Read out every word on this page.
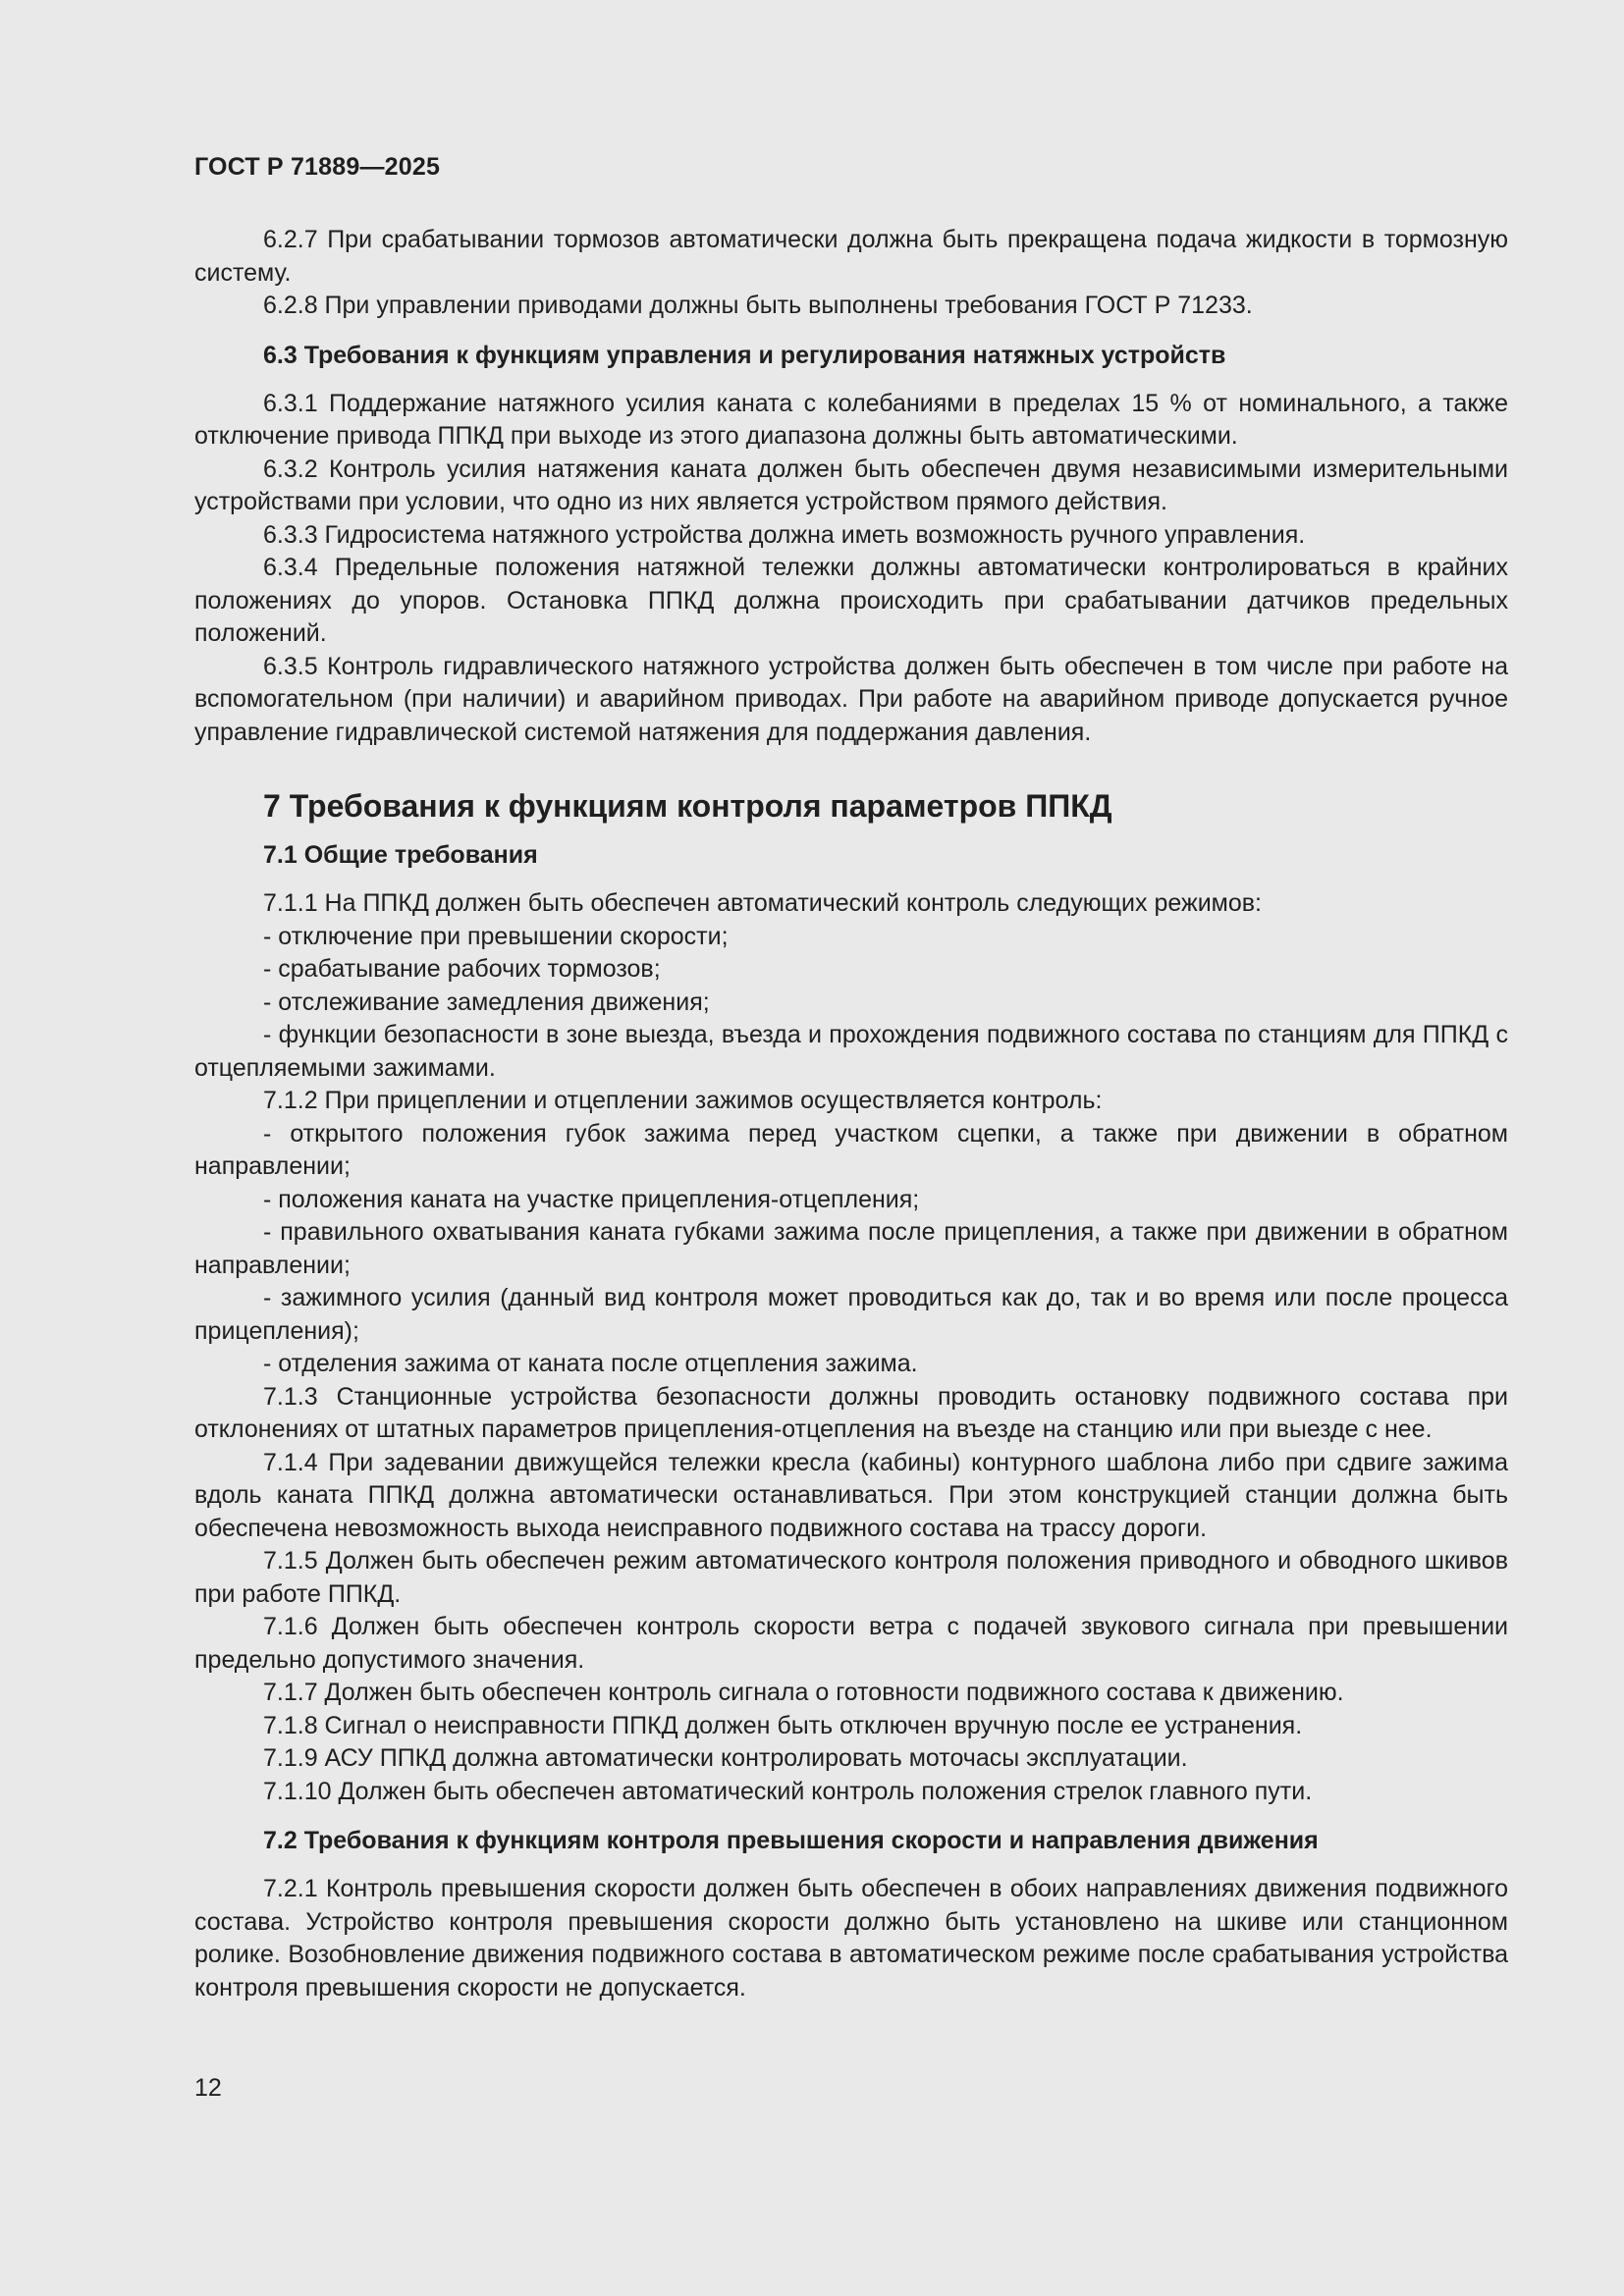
ГОСТ Р 71889—2025

6.2.7 При срабатывании тормозов автоматически должна быть прекращена подача жидкости в тормозную систему.

6.2.8 При управлении приводами должны быть выполнены требования ГОСТ Р 71233.

6.3 Требования к функциям управления и регулирования натяжных устройств

6.3.1 Поддержание натяжного усилия каната с колебаниями в пределах 15 % от номинального, а также отключение привода ППКД при выходе из этого диапазона должны быть автоматическими.

6.3.2 Контроль усилия натяжения каната должен быть обеспечен двумя независимыми измерительными устройствами при условии, что одно из них является устройством прямого действия.

6.3.3 Гидросистема натяжного устройства должна иметь возможность ручного управления.

6.3.4 Предельные положения натяжной тележки должны автоматически контролироваться в крайних положениях до упоров. Остановка ППКД должна происходить при срабатывании датчиков предельных положений.

6.3.5 Контроль гидравлического натяжного устройства должен быть обеспечен в том числе при работе на вспомогательном (при наличии) и аварийном приводах. При работе на аварийном приводе допускается ручное управление гидравлической системой натяжения для поддержания давления.

7 Требования к функциям контроля параметров ППКД
7.1 Общие требования

7.1.1 На ППКД должен быть обеспечен автоматический контроль следующих режимов:

- отключение при превышении скорости;

- срабатывание рабочих тормозов;

- отслеживание замедления движения;

- функции безопасности в зоне выезда, въезда и прохождения подвижного состава по станциям для ППКД с отцепляемыми зажимами.

7.1.2 При прицеплении и отцеплении зажимов осуществляется контроль:

- открытого положения губок зажима перед участком сцепки, а также при движении в обратном направлении;

- положения каната на участке прицепления-отцепления;

- правильного охватывания каната губками зажима после прицепления, а также при движении в обратном направлении;

- зажимного усилия (данный вид контроля может проводиться как до, так и во время или после процесса прицепления);

- отделения зажима от каната после отцепления зажима.

7.1.3 Станционные устройства безопасности должны проводить остановку подвижного состава при отклонениях от штатных параметров прицепления-отцепления на въезде на станцию или при выезде с нее.

7.1.4 При задевании движущейся тележки кресла (кабины) контурного шаблона либо при сдвиге зажима вдоль каната ППКД должна автоматически останавливаться. При этом конструкцией станции должна быть обеспечена невозможность выхода неисправного подвижного состава на трассу дороги.

7.1.5 Должен быть обеспечен режим автоматического контроля положения приводного и обводного шкивов при работе ППКД.

7.1.6 Должен быть обеспечен контроль скорости ветра с подачей звукового сигнала при превышении предельно допустимого значения.

7.1.7 Должен быть обеспечен контроль сигнала о готовности подвижного состава к движению.

7.1.8 Сигнал о неисправности ППКД должен быть отключен вручную после ее устранения.

7.1.9 АСУ ППКД должна автоматически контролировать моточасы эксплуатации.

7.1.10 Должен быть обеспечен автоматический контроль положения стрелок главного пути.

7.2 Требования к функциям контроля превышения скорости и направления движения

7.2.1 Контроль превышения скорости должен быть обеспечен в обоих направлениях движения подвижного состава. Устройство контроля превышения скорости должно быть установлено на шкиве или станционном ролике. Возобновление движения подвижного состава в автоматическом режиме после срабатывания устройства контроля превышения скорости не допускается.

12
